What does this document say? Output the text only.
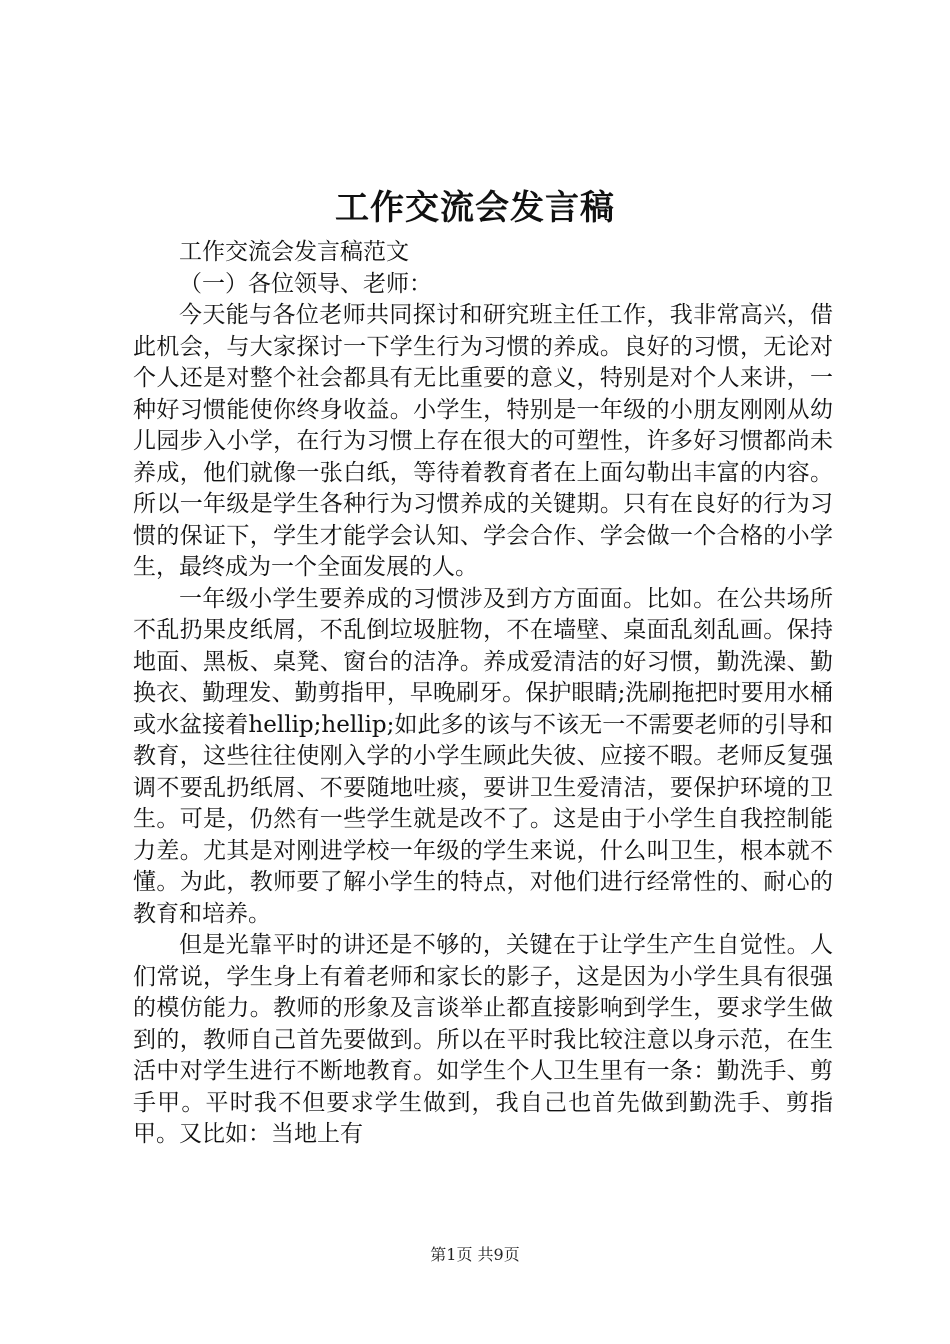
工作交流会发言稿

工作交流会发言稿范文

（一）各位领导、老师：

今天能与各位老师共同探讨和研究班主任工作，我非常高兴，借此机会，与大家探讨一下学生行为习惯的养成。良好的习惯，无论对个人还是对整个社会都具有无比重要的意义，特别是对个人来讲，一种好习惯能使你终身收益。小学生，特别是一年级的小朋友刚刚从幼儿园步入小学，在行为习惯上存在很大的可塑性，许多好习惯都尚未养成，他们就像一张白纸，等待着教育者在上面勾勒出丰富的内容。所以一年级是学生各种行为习惯养成的关键期。只有在良好的行为习惯的保证下，学生才能学会认知、学会合作、学会做一个合格的小学生，最终成为一个全面发展的人。

一年级小学生要养成的习惯涉及到方方面面。比如。在公共场所不乱扔果皮纸屑，不乱倒垃圾脏物，不在墙壁、桌面乱刻乱画。保持地面、黑板、桌凳、窗台的洁净。养成爱清洁的好习惯，勤洗澡、勤换衣、勤理发、勤剪指甲，早晚刷牙。保护眼睛;洗刷拖把时要用水桶或水盆接着hellip;hellip;如此多的该与不该无一不需要老师的引导和教育，这些往往使刚入学的小学生顾此失彼、应接不暇。老师反复强调不要乱扔纸屑、不要随地吐痰，要讲卫生爱清洁，要保护环境的卫生。可是，仍然有一些学生就是改不了。这是由于小学生自我控制能力差。尤其是对刚进学校一年级的学生来说，什么叫卫生，根本就不懂。为此，教师要了解小学生的特点，对他们进行经常性的、耐心的教育和培养。

但是光靠平时的讲还是不够的，关键在于让学生产生自觉性。人们常说，学生身上有着老师和家长的影子，这是因为小学生具有很强的模仿能力。教师的形象及言谈举止都直接影响到学生，要求学生做到的，教师自己首先要做到。所以在平时我比较注意以身示范，在生活中对学生进行不断地教育。如学生个人卫生里有一条：勤洗手、剪手甲。平时我不但要求学生做到，我自己也首先做到勤洗手、剪指甲。又比如：当地上有

第1页 共9页
